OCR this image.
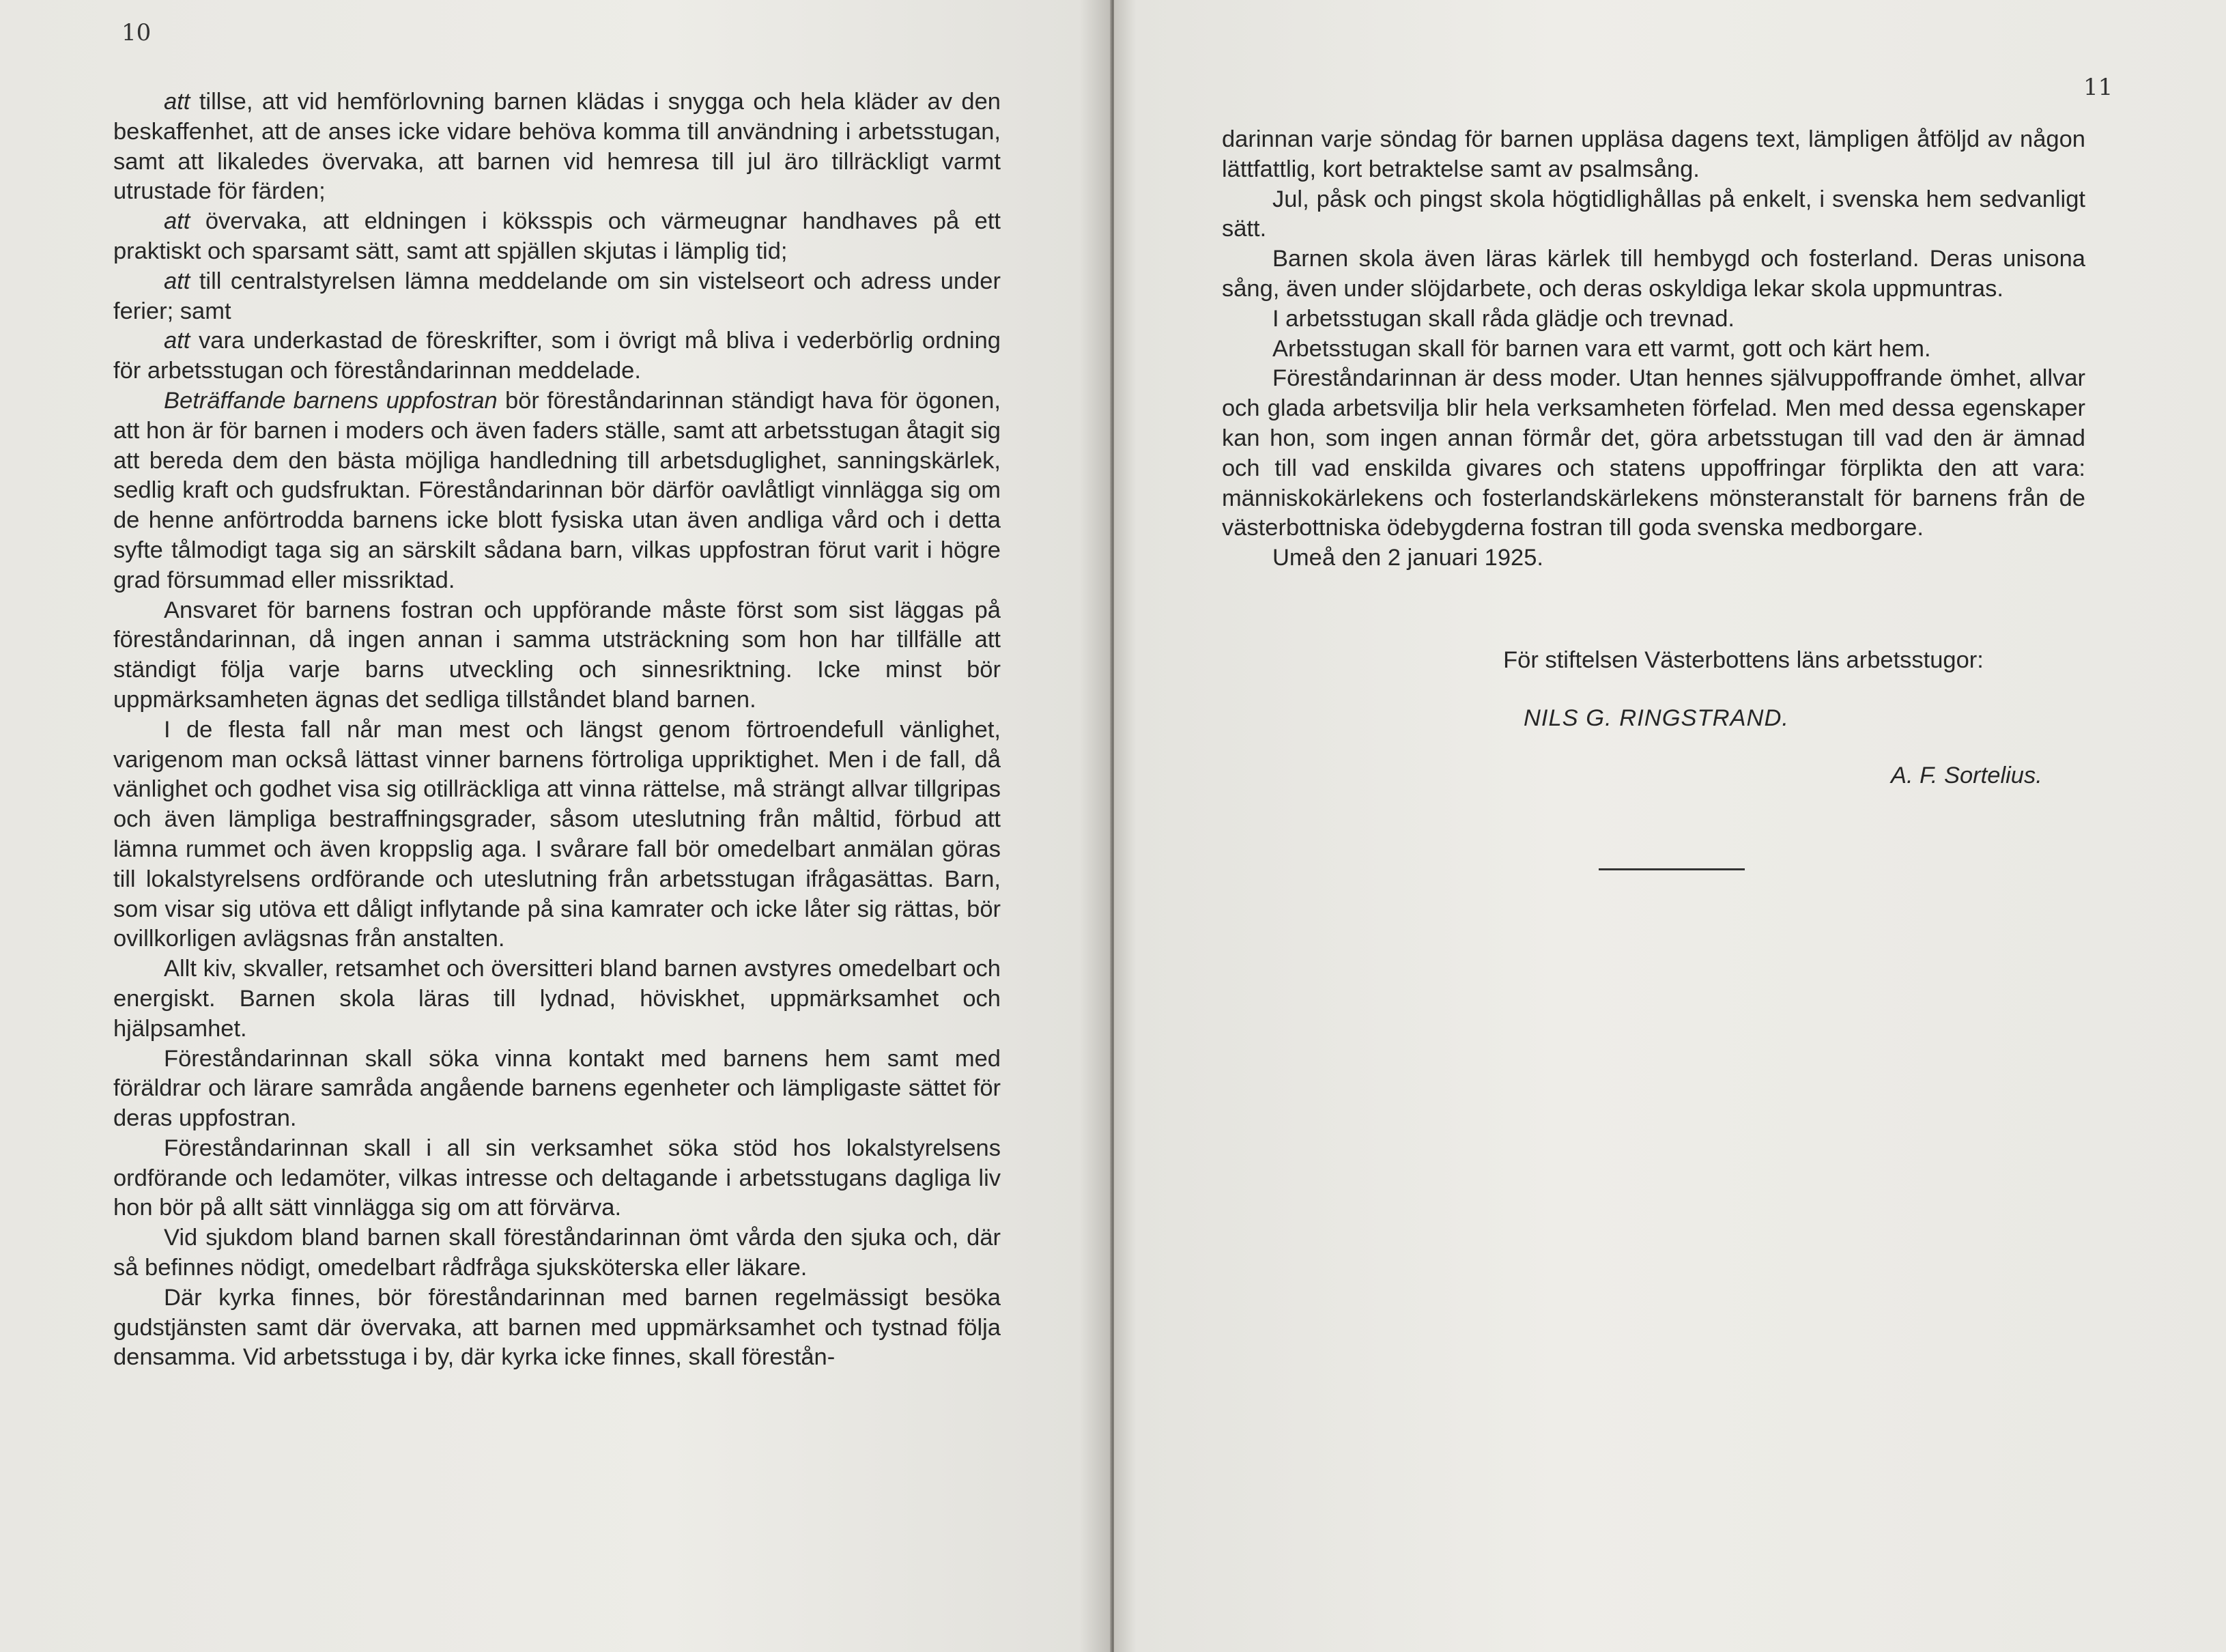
10

att tillse, att vid hemförlovning barnen klädas i snygga och hela kläder av den beskaffenhet, att de anses icke vidare behöva komma till användning i arbetsstugan, samt att likaledes övervaka, att barnen vid hemresa till jul äro tillräckligt varmt utrustade för färden;

att övervaka, att eldningen i köksspis och värmeugnar handhaves på ett praktiskt och sparsamt sätt, samt att spjällen skjutas i lämplig tid;

att till centralstyrelsen lämna meddelande om sin vistelseort och adress under ferier; samt

att vara underkastad de föreskrifter, som i övrigt må bliva i vederbörlig ordning för arbetsstugan och föreståndarinnan meddelade.

Beträffande barnens uppfostran bör föreståndarinnan ständigt hava för ögonen, att hon är för barnen i moders och även faders ställe, samt att arbetsstugan åtagit sig att bereda dem den bästa möjliga handledning till arbetsduglighet, sanningskärlek, sedlig kraft och gudsfruktan. Föreståndarinnan bör därför oavlåtligt vinnlägga sig om de henne anförtrodda barnens icke blott fysiska utan även andliga vård och i detta syfte tålmodigt taga sig an särskilt sådana barn, vilkas uppfostran förut varit i högre grad försummad eller missriktad.

Ansvaret för barnens fostran och uppförande måste först som sist läggas på föreståndarinnan, då ingen annan i samma utsträckning som hon har tillfälle att ständigt följa varje barns utveckling och sinnesriktning. Icke minst bör uppmärksamheten ägnas det sedliga tillståndet bland barnen.

I de flesta fall når man mest och längst genom förtroendefull vänlighet, varigenom man också lättast vinner barnens förtroliga uppriktighet. Men i de fall, då vänlighet och godhet visa sig otillräckliga att vinna rättelse, må strängt allvar tillgripas och även lämpliga bestraffningsgrader, såsom uteslutning från måltid, förbud att lämna rummet och även kroppslig aga. I svårare fall bör omedelbart anmälan göras till lokalstyrelsens ordförande och uteslutning från arbetsstugan ifrågasättas. Barn, som visar sig utöva ett dåligt inflytande på sina kamrater och icke låter sig rättas, bör ovillkorligen avlägsnas från anstalten.

Allt kiv, skvaller, retsamhet och översitteri bland barnen avstyres omedelbart och energiskt. Barnen skola läras till lydnad, höviskhet, uppmärksamhet och hjälpsamhet.

Föreståndarinnan skall söka vinna kontakt med barnens hem samt med föräldrar och lärare samråda angående barnens egenheter och lämpligaste sättet för deras uppfostran.

Föreståndarinnan skall i all sin verksamhet söka stöd hos lokalstyrelsens ordförande och ledamöter, vilkas intresse och deltagande i arbetsstugans dagliga liv hon bör på allt sätt vinnlägga sig om att förvärva.

Vid sjukdom bland barnen skall föreståndarinnan ömt vårda den sjuka och, där så befinnes nödigt, omedelbart rådfråga sjuksköterska eller läkare.

Där kyrka finnes, bör föreståndarinnan med barnen regelmässigt besöka gudstjänsten samt där övervaka, att barnen med uppmärksamhet och tystnad följa densamma. Vid arbetsstuga i by, där kyrka icke finnes, skall förestån-

11

darinnan varje söndag för barnen uppläsa dagens text, lämpligen åtföljd av någon lättfattlig, kort betraktelse samt av psalmsång.

Jul, påsk och pingst skola högtidlighållas på enkelt, i svenska hem sedvanligt sätt.

Barnen skola även läras kärlek till hembygd och fosterland. Deras unisona sång, även under slöjdarbete, och deras oskyldiga lekar skola uppmuntras.

I arbetsstugan skall råda glädje och trevnad.

Arbetsstugan skall för barnen vara ett varmt, gott och kärt hem.

Föreståndarinnan är dess moder. Utan hennes självuppoffrande ömhet, allvar och glada arbetsvilja blir hela verksamheten förfelad. Men med dessa egenskaper kan hon, som ingen annan förmår det, göra arbetsstugan till vad den är ämnad och till vad enskilda givares och statens uppoffringar förplikta den att vara: människokärlekens och fosterlandskärlekens mönsteranstalt för barnens från de västerbottniska ödebygderna fostran till goda svenska medborgare.

Umeå den 2 januari 1925.

För stiftelsen Västerbottens läns arbetsstugor:
NILS G. RINGSTRAND.
A. F. Sortelius.
